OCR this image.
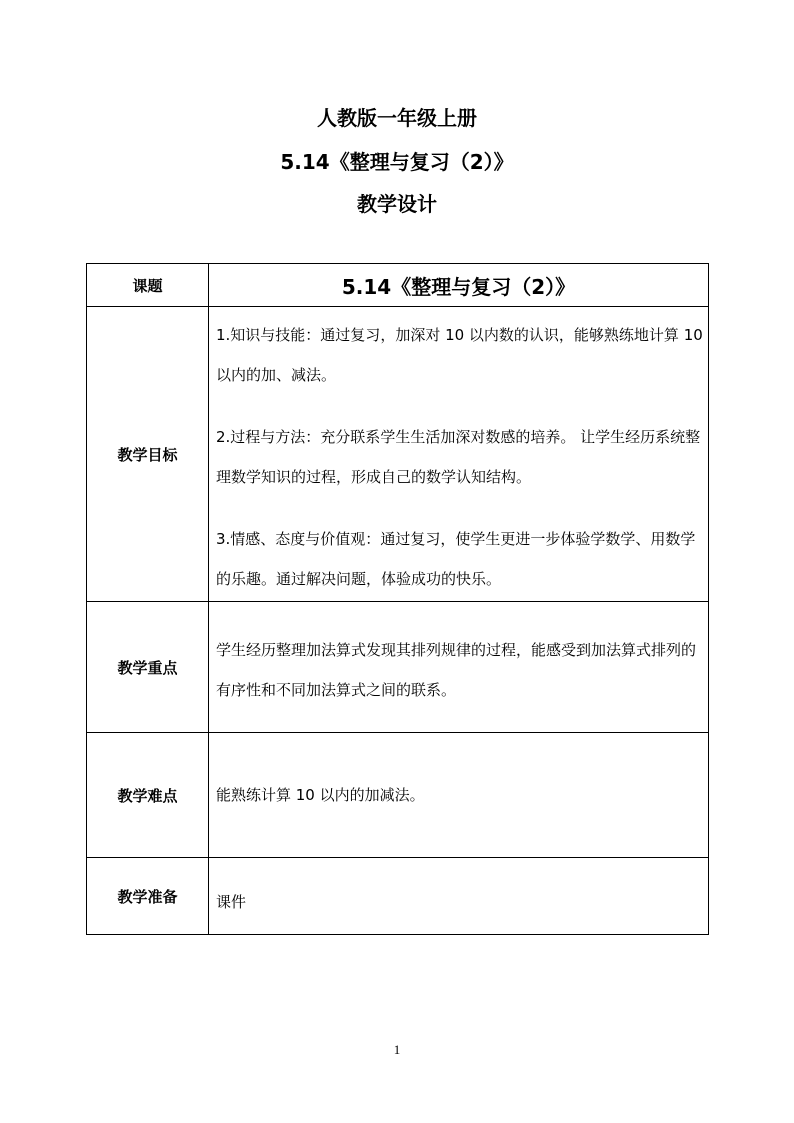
人教版一年级上册
5.14《整理与复习（2）》
教学设计
课题	5.14《整理与复习（2）》
教学目标	1.知识与技能：通过复习，加深对 10 以内数的认识，能够熟练地计算 10 以内的加、减法。

2.过程与方法：充分联系学生生活加深对数感的培养。 让学生经历系统整理数学知识的过程，形成自己的数学认知结构。

3.情感、态度与价值观：通过复习，使学生更进一步体验学数学、用数学的乐趣。通过解决问题，体验成功的快乐。

教学重点	学生经历整理加法算式发现其排列规律的过程，能感受到加法算式排列的有序性和不同加法算式之间的联系。

教学难点	能熟练计算 10 以内的加减法。

教学准备	课件

1
